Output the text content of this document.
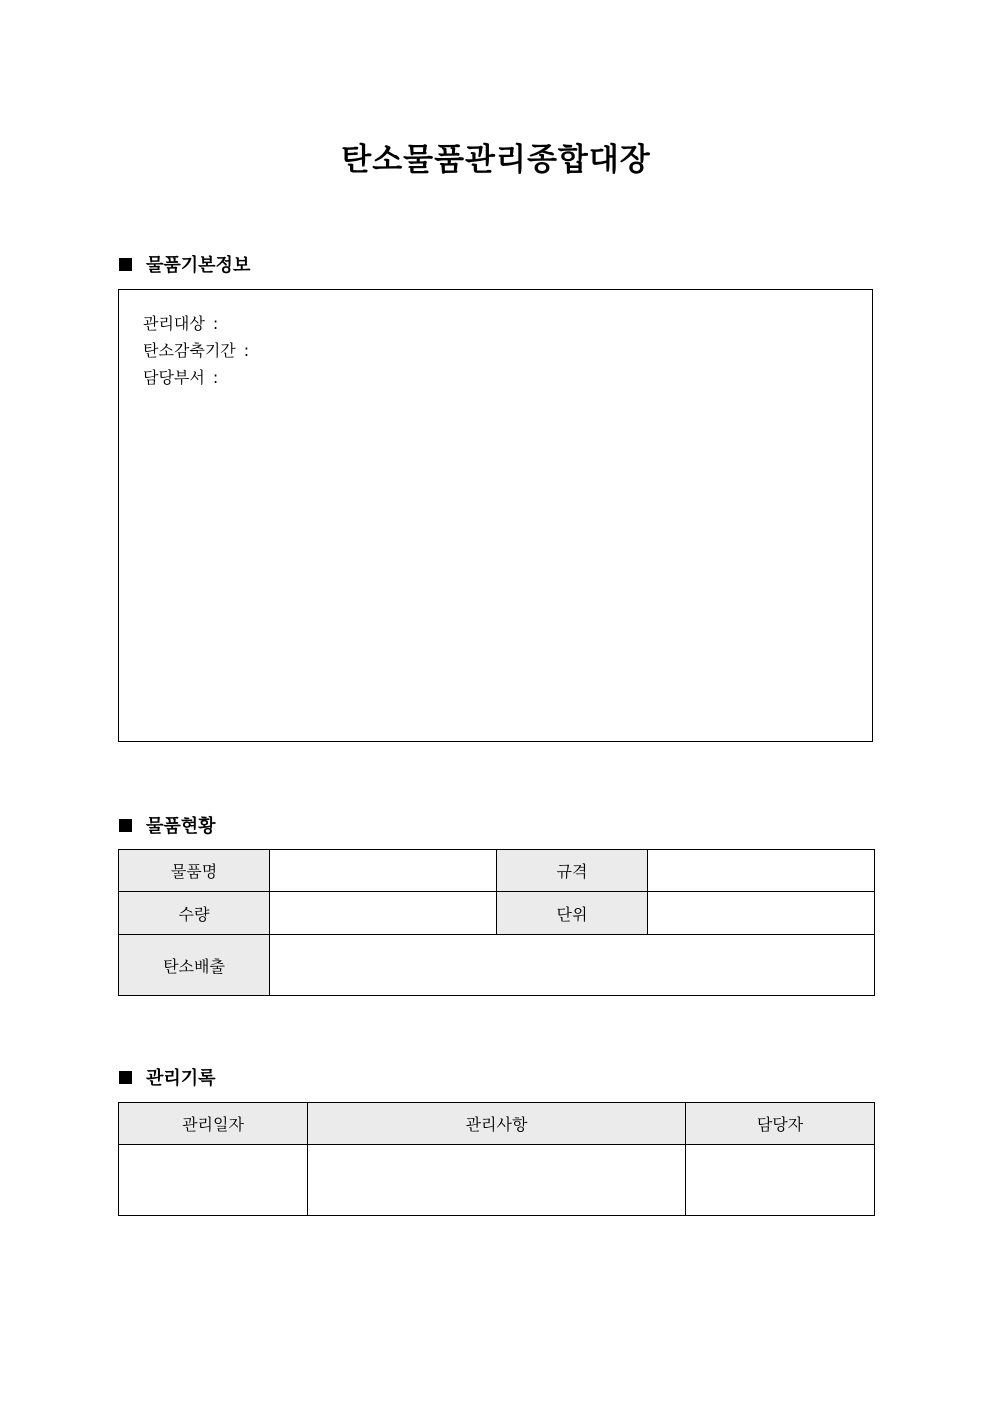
탄소물품관리종합대장
물품기본정보
관리대상 :
탄소감축기간 :
담당부서 :
물품현황
물품명		규격	
수량		단위	
탄소배출			
관리기록
관리일자	관리사항	담당자
